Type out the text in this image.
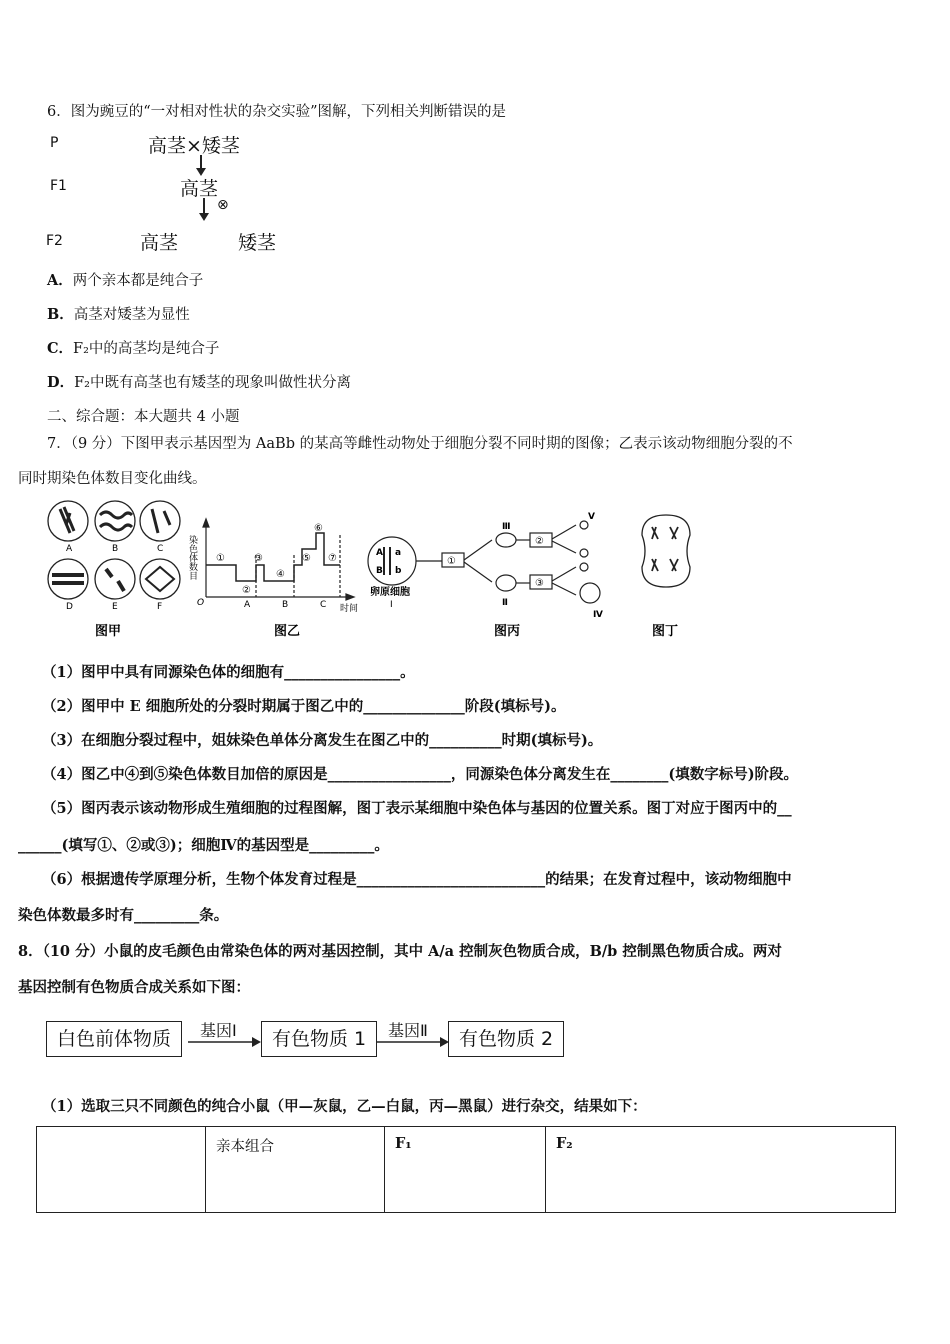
6．图为豌豆的“一对相对性状的杂交实验”图解，下列相关判断错误的是
P	高茎×矮茎
F1	高茎
⊗
F2	高茎	矮茎
A．两个亲本都是纯合子
B．高茎对矮茎为显性
C．F₂中的高茎均是纯合子
D．F₂中既有高茎也有矮茎的现象叫做性状分离
二、综合题：本大题共 4 小题
7．（9 分）下图甲表示基因型为 AaBb 的某高等雌性动物处于细胞分裂不同时期的图像；乙表示该动物细胞分裂的不
同时期染色体数目变化曲线。
A	B	C
D	E	F
图甲
染色体数目
O
时间
A	B	C
①
②
③
④
⑤
⑥
⑦
图乙
A a
B b
卵原细胞
Ⅰ
Ⅲ
Ⅱ
Ⅴ
Ⅳ
①
②
③
图丙	图丁
（1）图甲中具有同源染色体的细胞有________________。
（2）图甲中 E 细胞所处的分裂时期属于图乙中的______________阶段(填标号)。
（3）在细胞分裂过程中，姐妹染色单体分离发生在图乙中的__________时期(填标号)。
（4）图乙中④到⑤染色体数目加倍的原因是_________________，同源染色体分离发生在________(填数字标号)阶段。
（5）图丙表示该动物形成生殖细胞的过程图解，图丁表示某细胞中染色体与基因的位置关系。图丁对应于图丙中的__
______(填写①、②或③)；细胞Ⅳ的基因型是_________。
（6）根据遗传学原理分析，生物个体发育过程是__________________________的结果；在发育过程中，该动物细胞中
染色体数最多时有_________条。
8．（10 分）小鼠的皮毛颜色由常染色体的两对基因控制，其中 A/a 控制灰色物质合成，B/b 控制黑色物质合成。两对
基因控制有色物质合成关系如下图：
白色前体物质	基因Ⅰ	有色物质 1	基因Ⅱ	有色物质 2
（1）选取三只不同颜色的纯合小鼠（甲—灰鼠，乙—白鼠，丙—黑鼠）进行杂交，结果如下：
	亲本组合	F₁	F₂
